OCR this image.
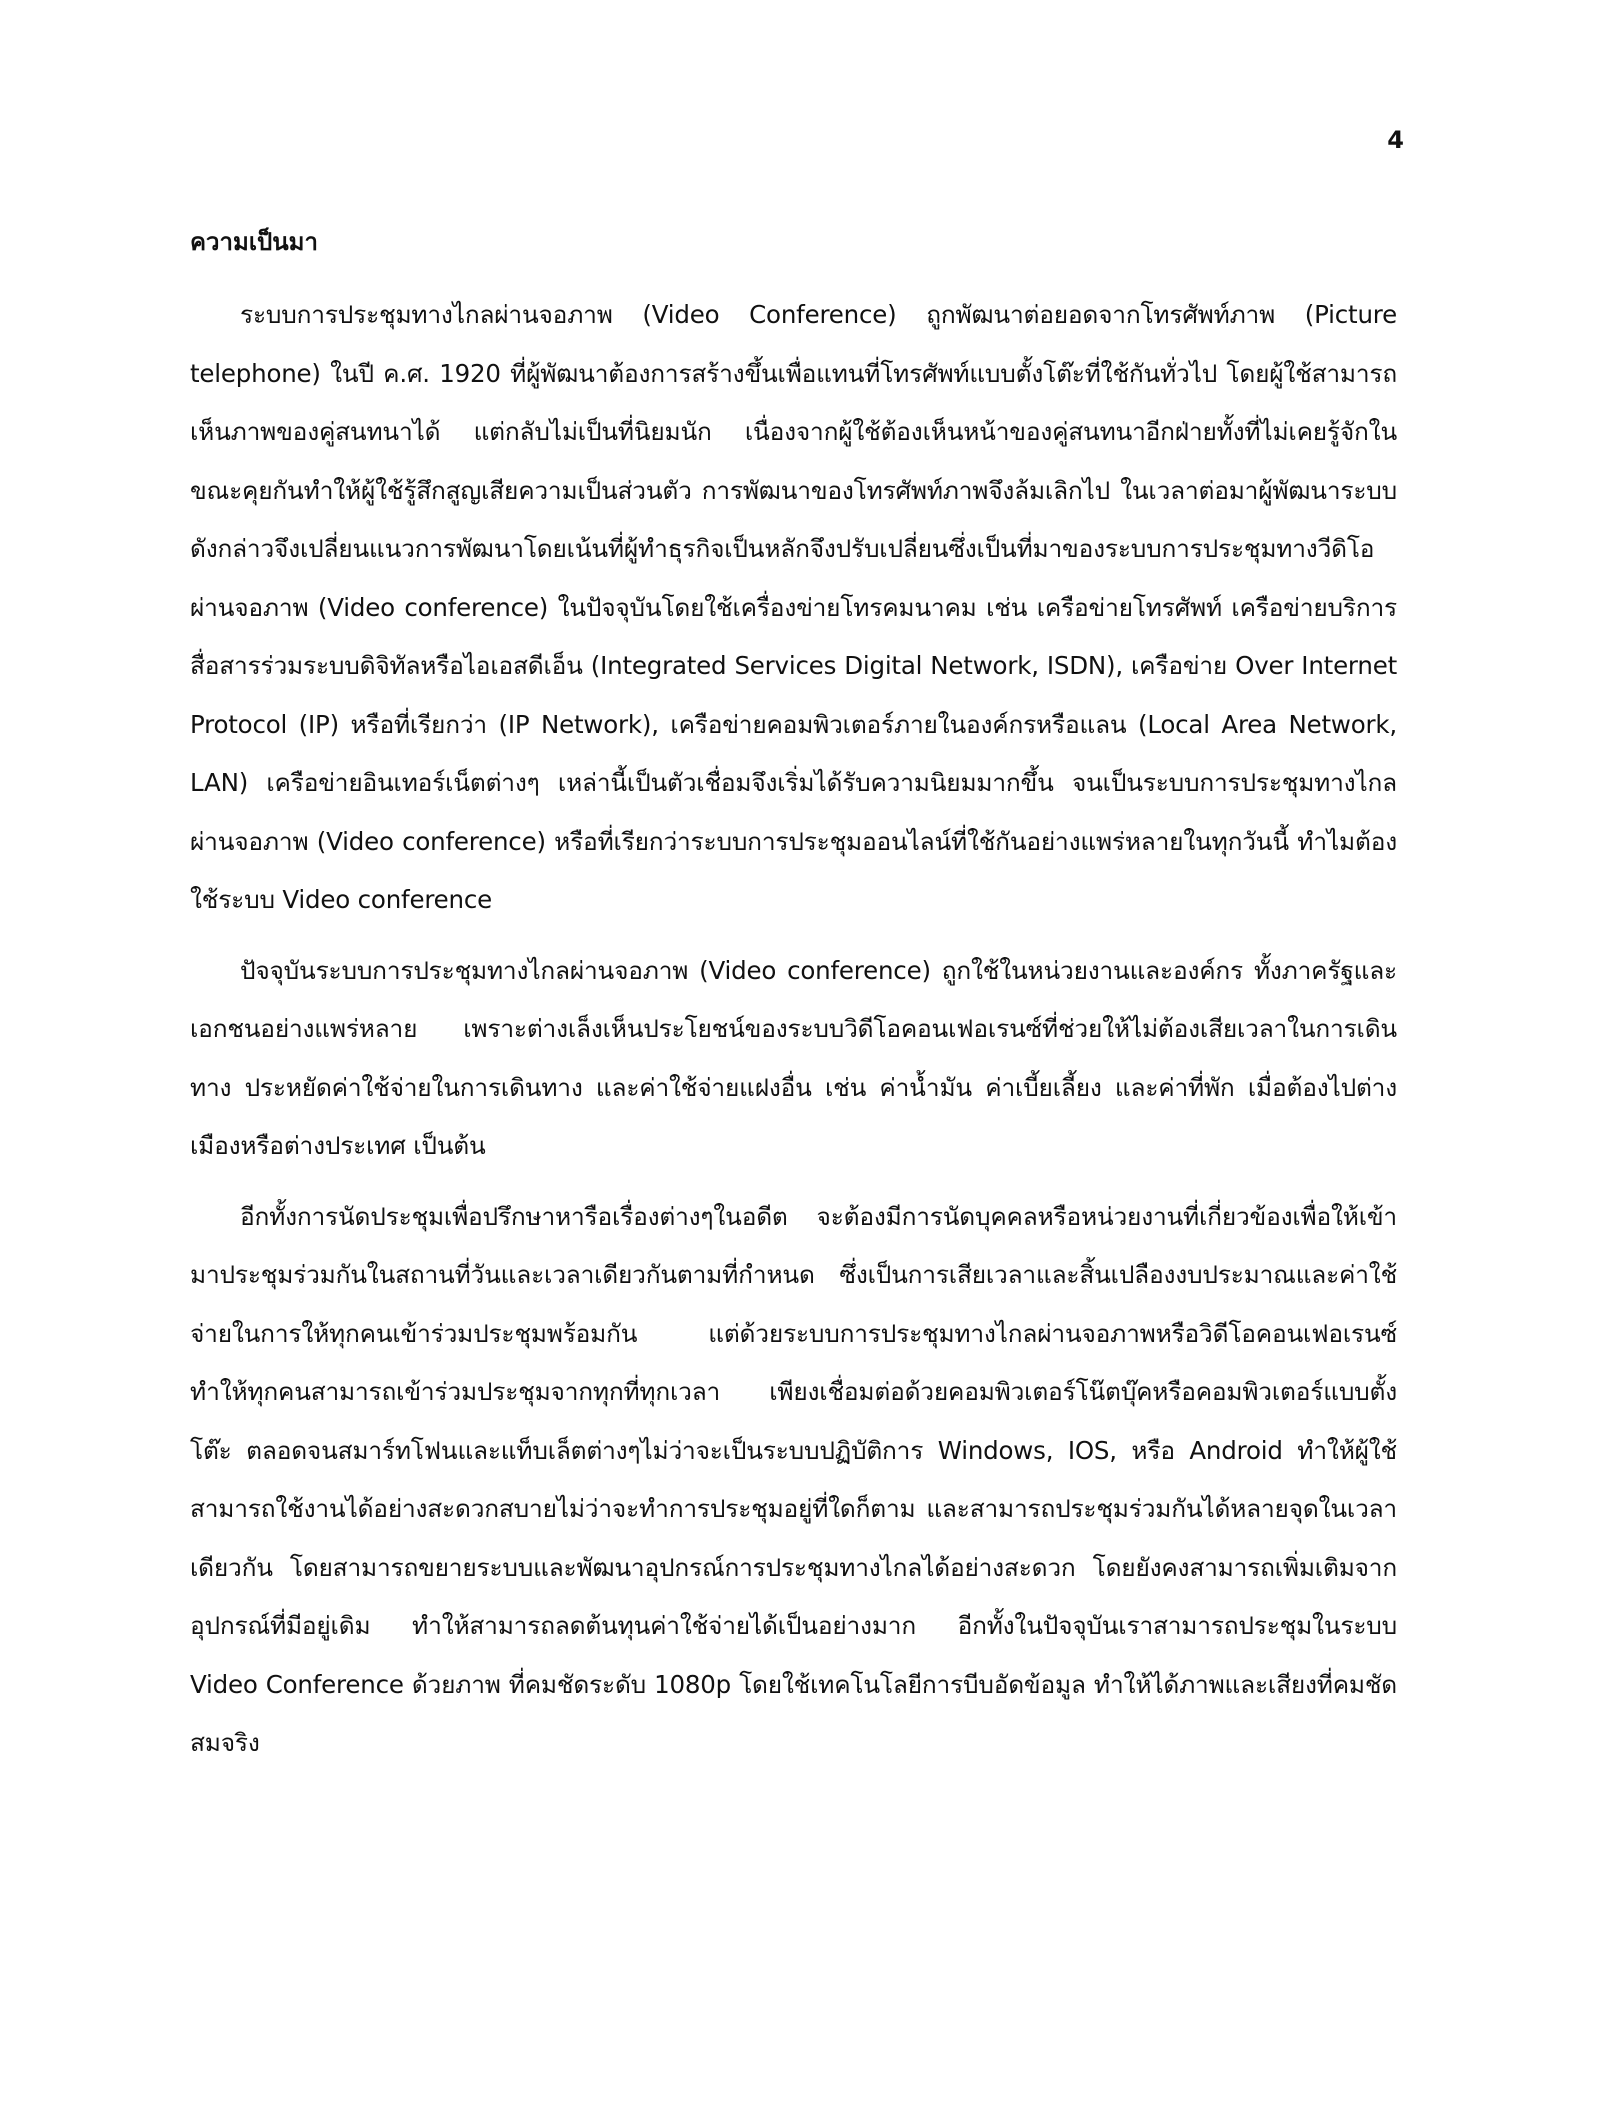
4
ความเป็นมา

ระบบการประชุมทางไกลผ่านจอภาพ (Video Conference) ถูกพัฒนาต่อยอดจากโทรศัพท์ภาพ (Picture telephone) ในปี ค.ศ. 1920 ที่ผู้พัฒนาต้องการสร้างขึ้นเพื่อแทนที่โทรศัพท์แบบตั้งโต๊ะที่ใช้กันทั่วไป โดยผู้ใช้สามารถเห็นภาพของคู่สนทนาได้ แต่กลับไม่เป็นที่นิยมนัก เนื่องจากผู้ใช้ต้องเห็นหน้าของคู่สนทนาอีกฝ่ายทั้งที่ไม่เคยรู้จักในขณะคุยกันทำให้ผู้ใช้รู้สึกสูญเสียความเป็นส่วนตัว การพัฒนาของโทรศัพท์ภาพจึงล้มเลิกไป ในเวลาต่อมาผู้พัฒนาระบบดังกล่าวจึงเปลี่ยนแนวการพัฒนาโดยเน้นที่ผู้ทำธุรกิจเป็นหลักจึงปรับเปลี่ยนซึ่งเป็นที่มาของระบบการประชุมทางวีดิโอผ่านจอภาพ (Video conference) ในปัจจุบันโดยใช้เครื่องข่ายโทรคมนาคม เช่น เครือข่ายโทรศัพท์ เครือข่ายบริการสื่อสารร่วมระบบดิจิทัลหรือไอเอสดีเอ็น (Integrated Services Digital Network, ISDN), เครือข่าย Over Internet Protocol (IP) หรือที่เรียกว่า (IP Network), เครือข่ายคอมพิวเตอร์ภายในองค์กรหรือแลน (Local Area Network, LAN) เครือข่ายอินเทอร์เน็ตต่างๆ เหล่านี้เป็นตัวเชื่อมจึงเริ่มได้รับความนิยมมากขึ้น จนเป็นระบบการประชุมทางไกลผ่านจอภาพ (Video conference) หรือที่เรียกว่าระบบการประชุมออนไลน์ที่ใช้กันอย่างแพร่หลายในทุกวันนี้ ทำไมต้องใช้ระบบ Video conference

ปัจจุบันระบบการประชุมทางไกลผ่านจอภาพ (Video conference) ถูกใช้ในหน่วยงานและองค์กร ทั้งภาครัฐและเอกชนอย่างแพร่หลาย เพราะต่างเล็งเห็นประโยชน์ของระบบวิดีโอคอนเฟอเรนซ์ที่ช่วยให้ไม่ต้องเสียเวลาในการเดินทาง ประหยัดค่าใช้จ่ายในการเดินทาง และค่าใช้จ่ายแฝงอื่น เช่น ค่าน้ำมัน ค่าเบี้ยเลี้ยง และค่าที่พัก เมื่อต้องไปต่างเมืองหรือต่างประเทศ เป็นต้น

อีกทั้งการนัดประชุมเพื่อปรึกษาหารือเรื่องต่างๆในอดีต จะต้องมีการนัดบุคคลหรือหน่วยงานที่เกี่ยวข้องเพื่อให้เข้ามาประชุมร่วมกันในสถานที่วันและเวลาเดียวกันตามที่กำหนด ซึ่งเป็นการเสียเวลาและสิ้นเปลืองงบประมาณและค่าใช้จ่ายในการให้ทุกคนเข้าร่วมประชุมพร้อมกัน แต่ด้วยระบบการประชุมทางไกลผ่านจอภาพหรือวิดีโอคอนเฟอเรนซ์ ทำให้ทุกคนสามารถเข้าร่วมประชุมจากทุกที่ทุกเวลา เพียงเชื่อมต่อด้วยคอมพิวเตอร์โน๊ตบุ๊คหรือคอมพิวเตอร์แบบตั้งโต๊ะ ตลอดจนสมาร์ทโฟนและแท็บเล็ตต่างๆไม่ว่าจะเป็นระบบปฏิบัติการ Windows, IOS, หรือ Android ทำให้ผู้ใช้สามารถใช้งานได้อย่างสะดวกสบายไม่ว่าจะทำการประชุมอยู่ที่ใดก็ตาม และสามารถประชุมร่วมกันได้หลายจุดในเวลาเดียวกัน โดยสามารถขยายระบบและพัฒนาอุปกรณ์การประชุมทางไกลได้อย่างสะดวก โดยยังคงสามารถเพิ่มเติมจากอุปกรณ์ที่มีอยู่เดิม ทำให้สามารถลดต้นทุนค่าใช้จ่ายได้เป็นอย่างมาก อีกทั้งในปัจจุบันเราสามารถประชุมในระบบ Video Conference ด้วยภาพ ที่คมชัดระดับ 1080p โดยใช้เทคโนโลยีการบีบอัดข้อมูล ทำให้ได้ภาพและเสียงที่คมชัดสมจริง
